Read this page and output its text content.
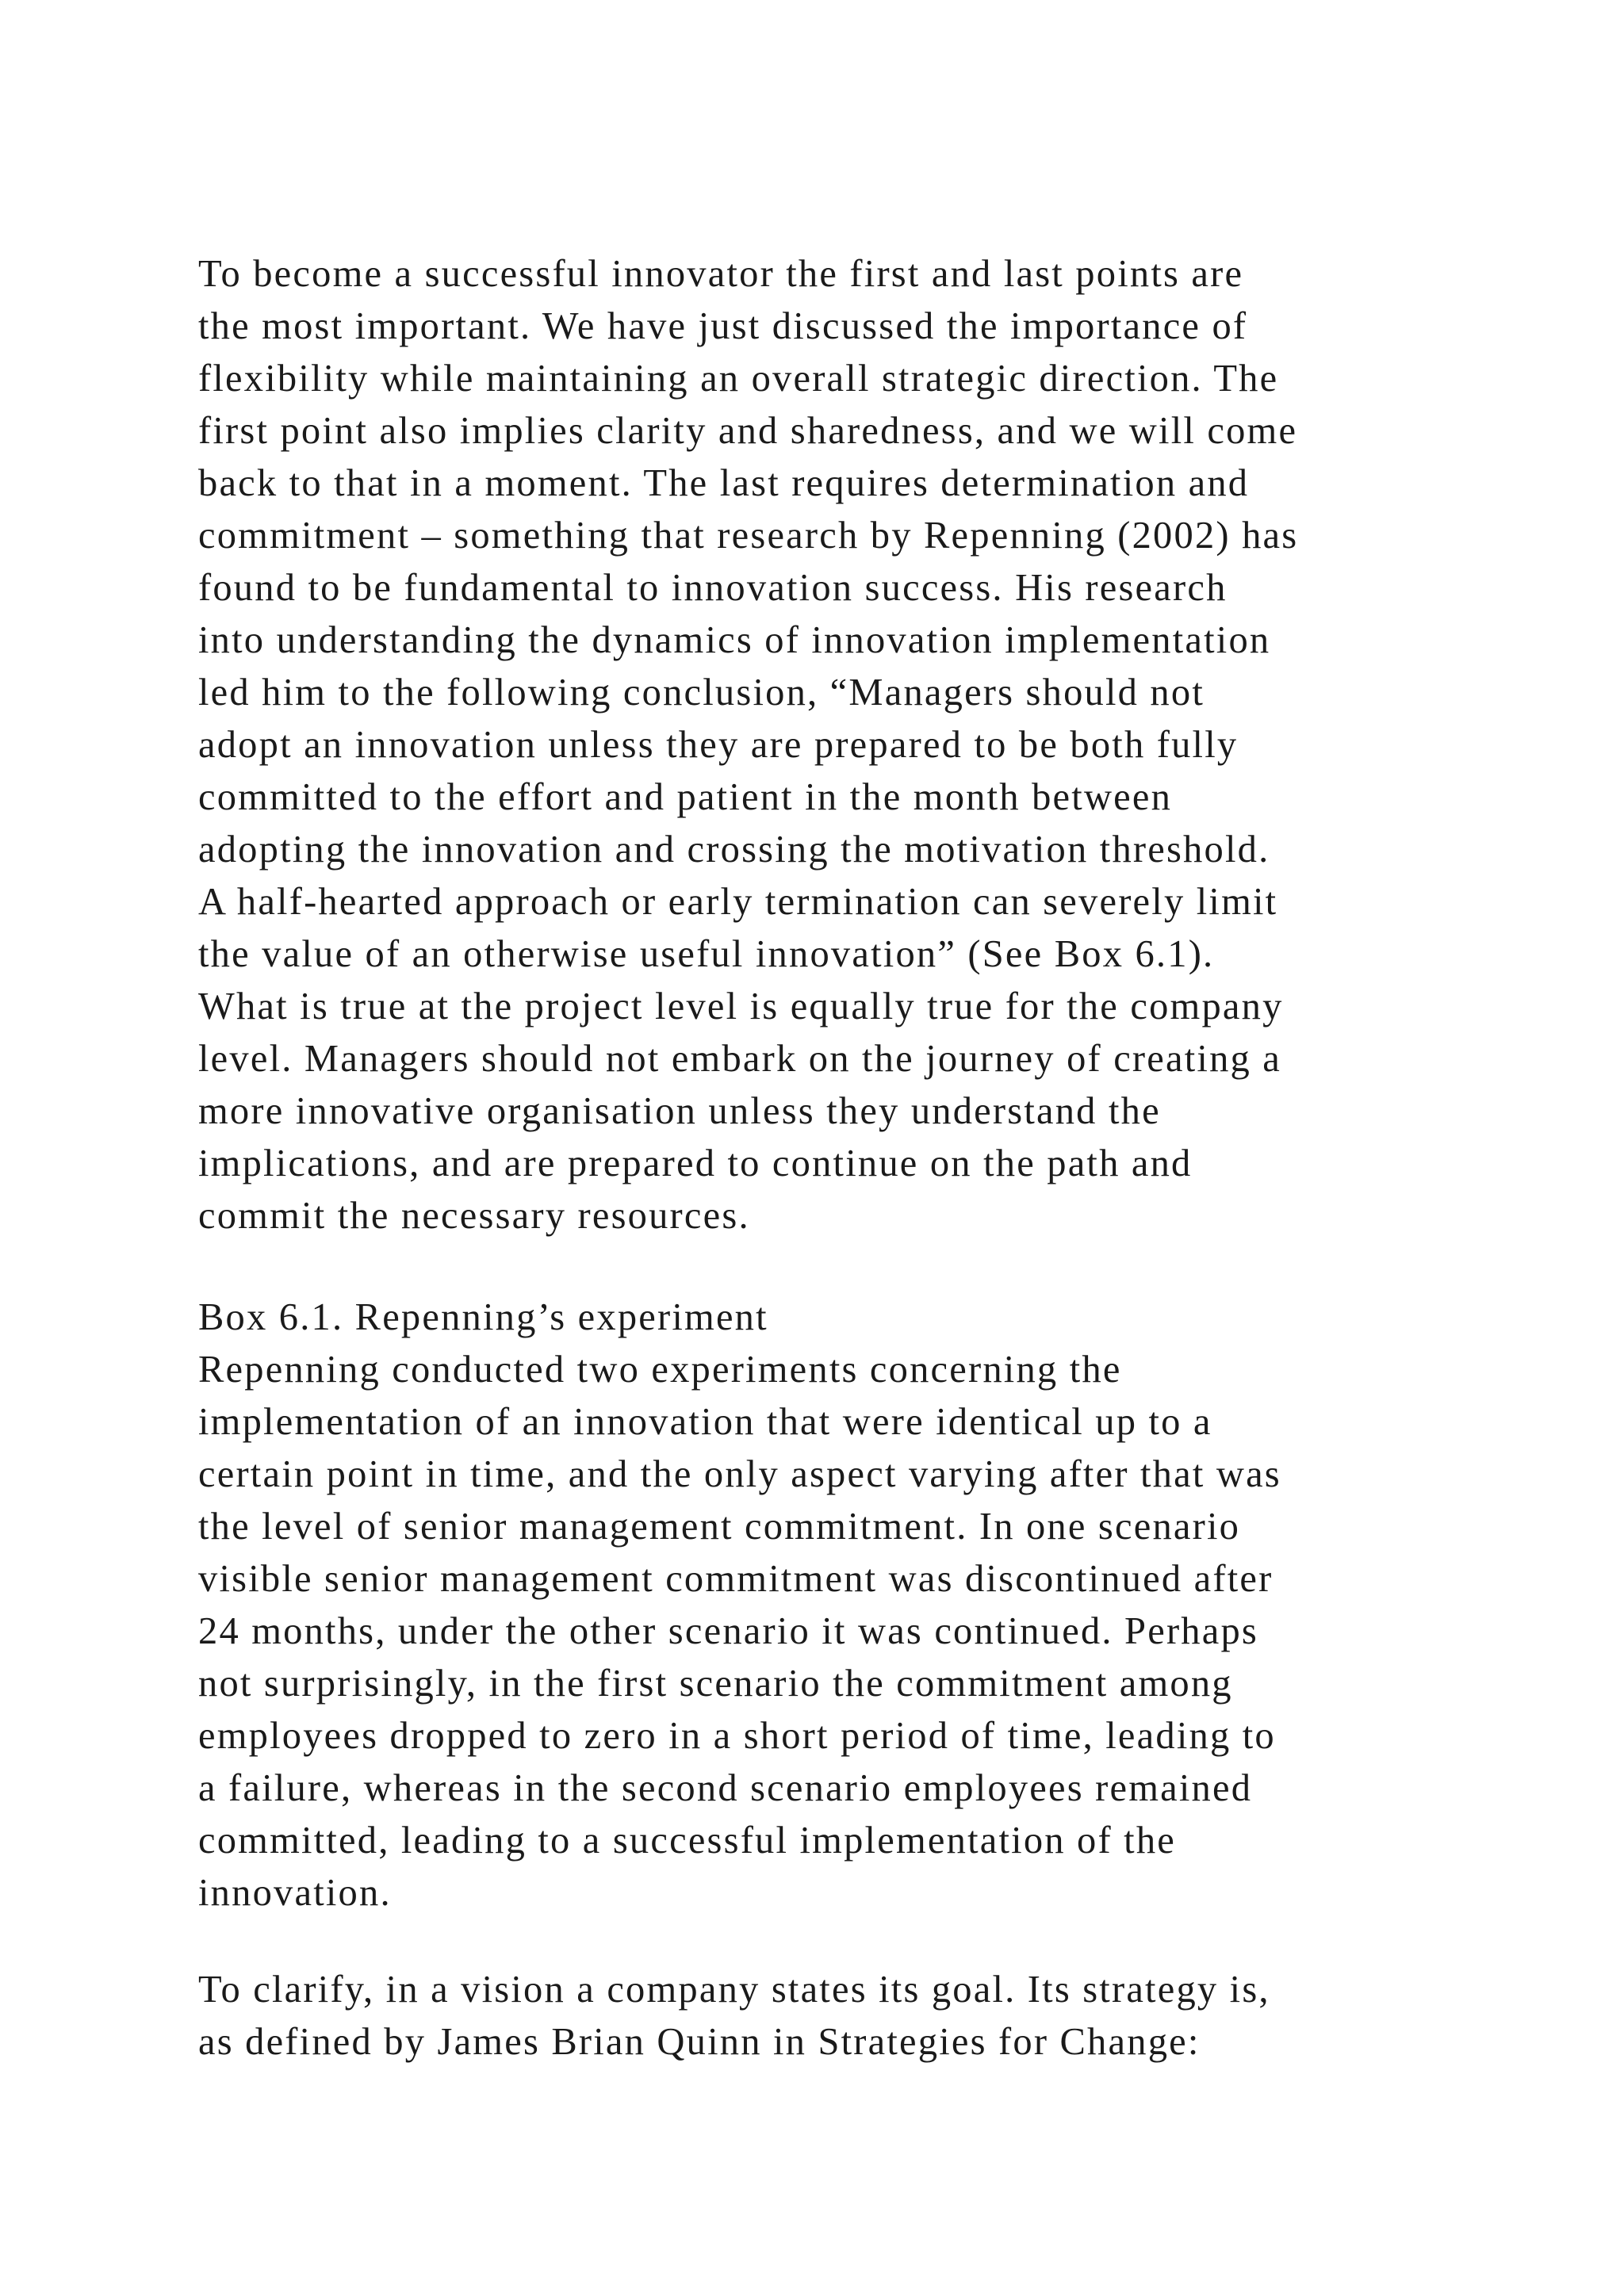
To become a successful innovator the first and last points are
the most important. We have just discussed the importance of
flexibility while maintaining an overall strategic direction. The
first point also implies clarity and sharedness, and we will come
back to that in a moment. The last requires determination and
commitment – something that research by Repenning (2002) has
found to be fundamental to innovation success. His research
into understanding the dynamics of innovation implementation
led him to the following conclusion, “Managers should not
adopt an innovation unless they are prepared to be both fully
committed to the effort and patient in the month between
adopting the innovation and crossing the motivation threshold.
A half-hearted approach or early termination can severely limit
the value of an otherwise useful innovation” (See Box 6.1).
What is true at the project level is equally true for the company
level. Managers should not embark on the journey of creating a
more innovative organisation unless they understand the
implications, and are prepared to continue on the path and
commit the necessary resources.
Box 6.1. Repenning’s experiment
Repenning conducted two experiments concerning the
implementation of an innovation that were identical up to a
certain point in time, and the only aspect varying after that was
the level of senior management commitment. In one scenario
visible senior management commitment was discontinued after
24 months, under the other scenario it was continued. Perhaps
not surprisingly, in the first scenario the commitment among
employees dropped to zero in a short period of time, leading to
a failure, whereas in the second scenario employees remained
committed, leading to a successful implementation of the
innovation.
To clarify, in a vision a company states its goal. Its strategy is,
as defined by James Brian Quinn in Strategies for Change:
